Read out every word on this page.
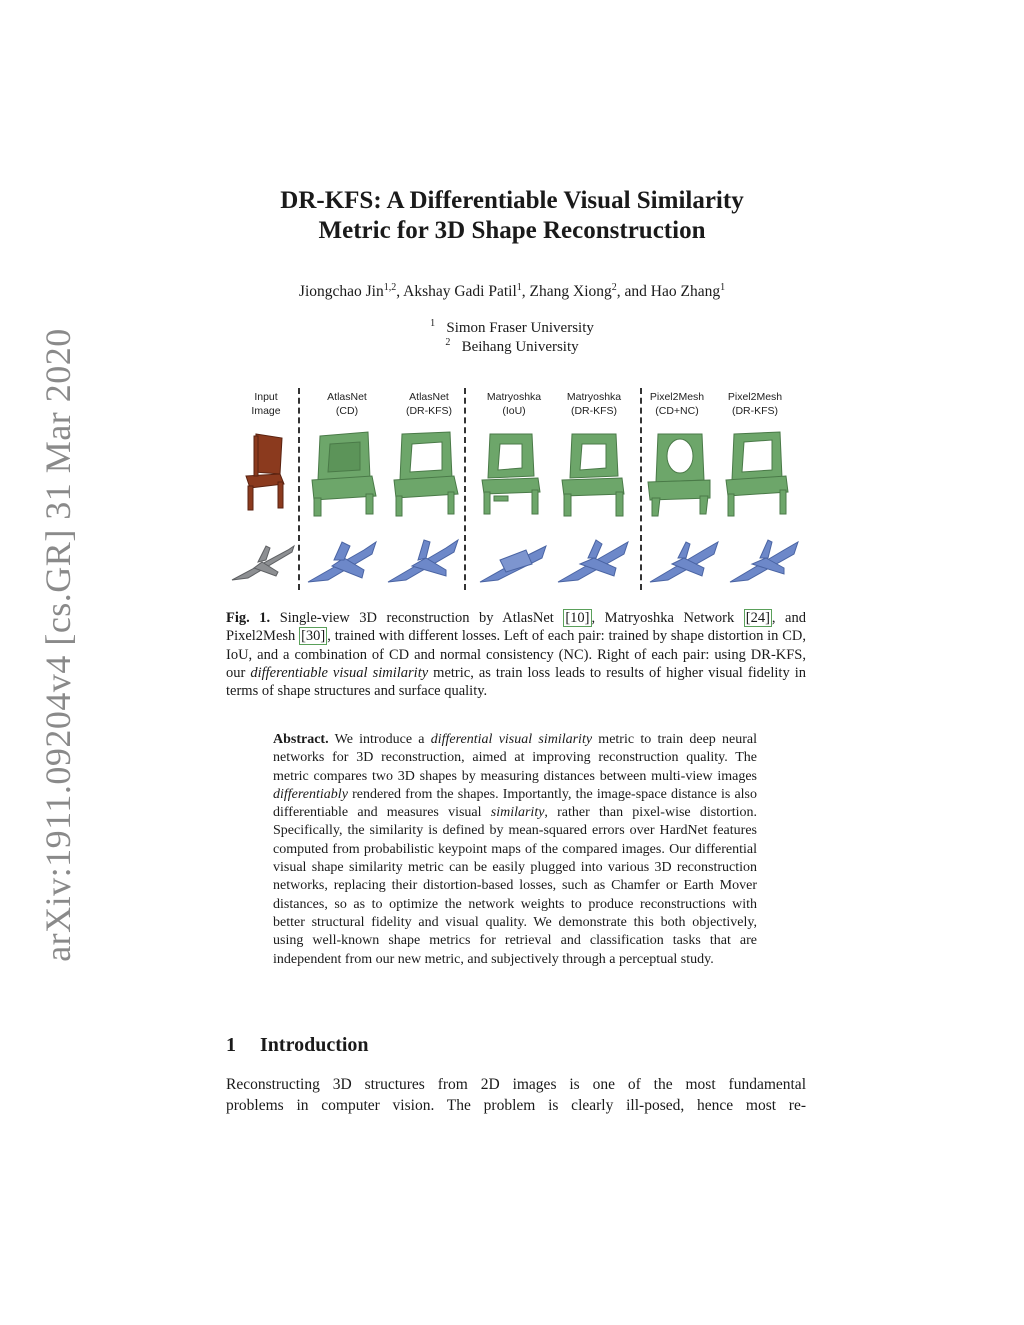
arXiv:1911.09204v4 [cs.GR] 31 Mar 2020
DR-KFS: A Differentiable Visual Similarity
Metric for 3D Shape Reconstruction
Jiongchao Jin$^{1,2}$, Akshay Gadi Patil$^1$, Zhang Xiong$^2$, and Hao Zhang$^1$
$^1$ Simon Fraser University
$^2$ Beihang University
Input
Image
AtlasNet
(CD)
AtlasNet
(DR-KFS)
Matryoshka
(IoU)
Matryoshka
(DR-KFS)
Pixel2Mesh
(CD+NC)
Pixel2Mesh
(DR-KFS)
Fig. 1. Single-view 3D reconstruction by AtlasNet [10] , Matryoshka Network [24] , and Pixel2Mesh [30] , trained with different losses. Left of each pair: trained by shape distortion in CD, IoU, and a combination of CD and normal consistency (NC). Right of each pair: using DR-KFS, our differentiable visual similarity metric, as train loss leads to results of higher visual fidelity in terms of shape structures and surface quality.
Abstract. We introduce a differential visual similarity metric to train deep neural networks for 3D reconstruction, aimed at improving reconstruction quality. The metric compares two 3D shapes by measuring distances between multi-view images differentiably rendered from the shapes. Importantly, the image-space distance is also differentiable and measures visual similarity, rather than pixel-wise distortion. Specifically, the similarity is defined by mean-squared errors over HardNet features computed from probabilistic keypoint maps of the compared images. Our differential visual shape similarity metric can be easily plugged into various 3D reconstruction networks, replacing their distortion-based losses, such as Chamfer or Earth Mover distances, so as to optimize the network weights to produce reconstructions with better structural fidelity and visual quality. We demonstrate this both objectively, using well-known shape metrics for retrieval and classification tasks that are independent from our new metric, and subjectively through a perceptual study.
1 Introduction
Reconstructing 3D structures from 2D images is one of the most fundamental
problems in computer vision. The problem is clearly ill-posed, hence most re-
